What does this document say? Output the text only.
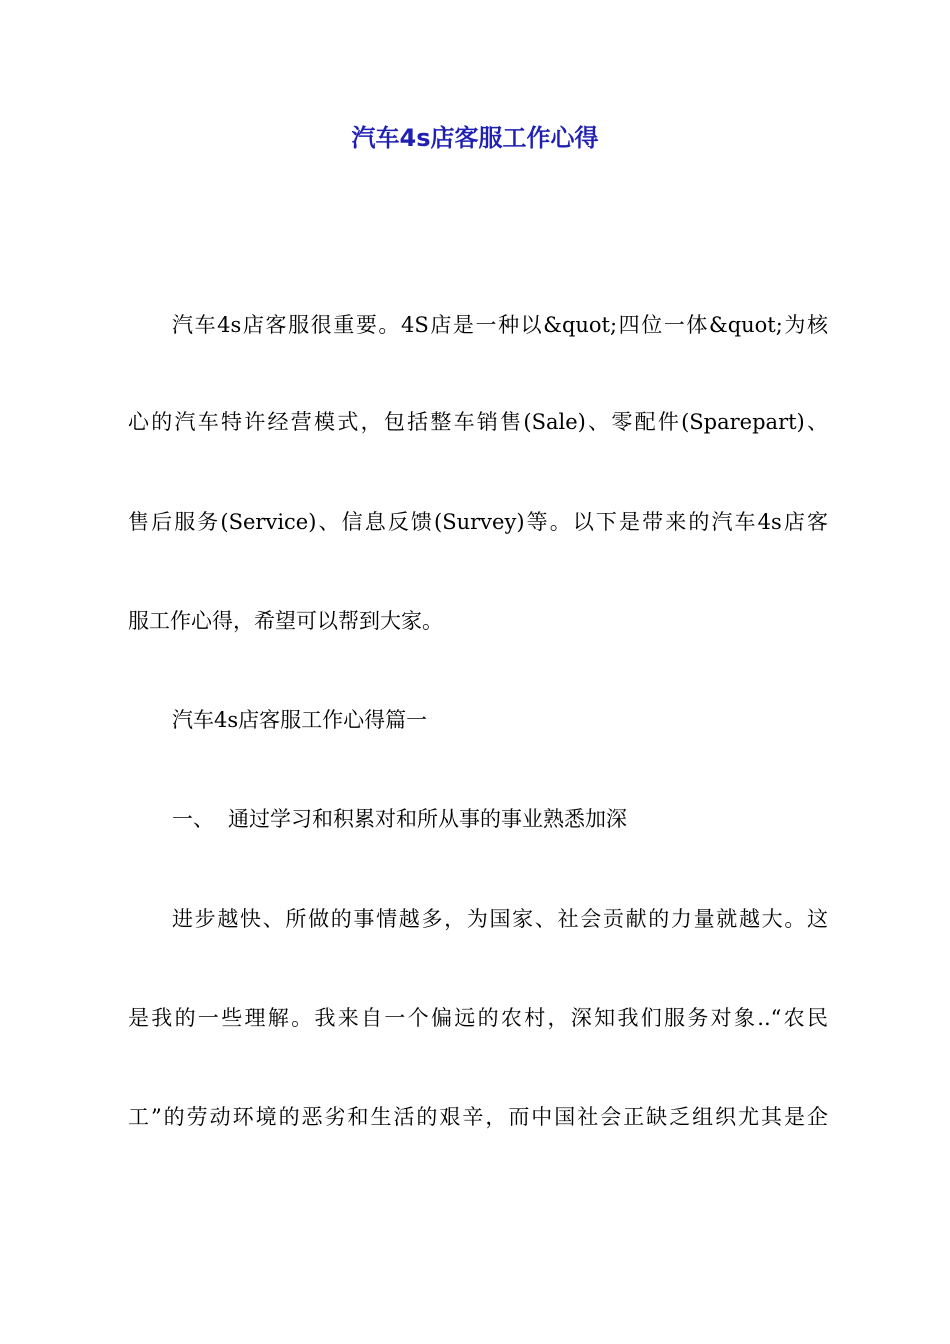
汽车4s店客服工作心得
汽车4s店客服很重要。4S店是一种以&quot;四位一体&quot;为核
心的汽车特许经营模式，包括整车销售(Sale)、零配件(Sparepart)、
售后服务(Service)、信息反馈(Survey)等。以下是带来的汽车4s店客
服工作心得，希望可以帮到大家。
汽车4s店客服工作心得篇一
一、 通过学习和积累对和所从事的事业熟悉加深
进步越快、所做的事情越多，为国家、社会贡献的力量就越大。这
是我的一些理解。我来自一个偏远的农村，深知我们服务对象..“农民
工”的劳动环境的恶劣和生活的艰辛，而中国社会正缺乏组织尤其是企
